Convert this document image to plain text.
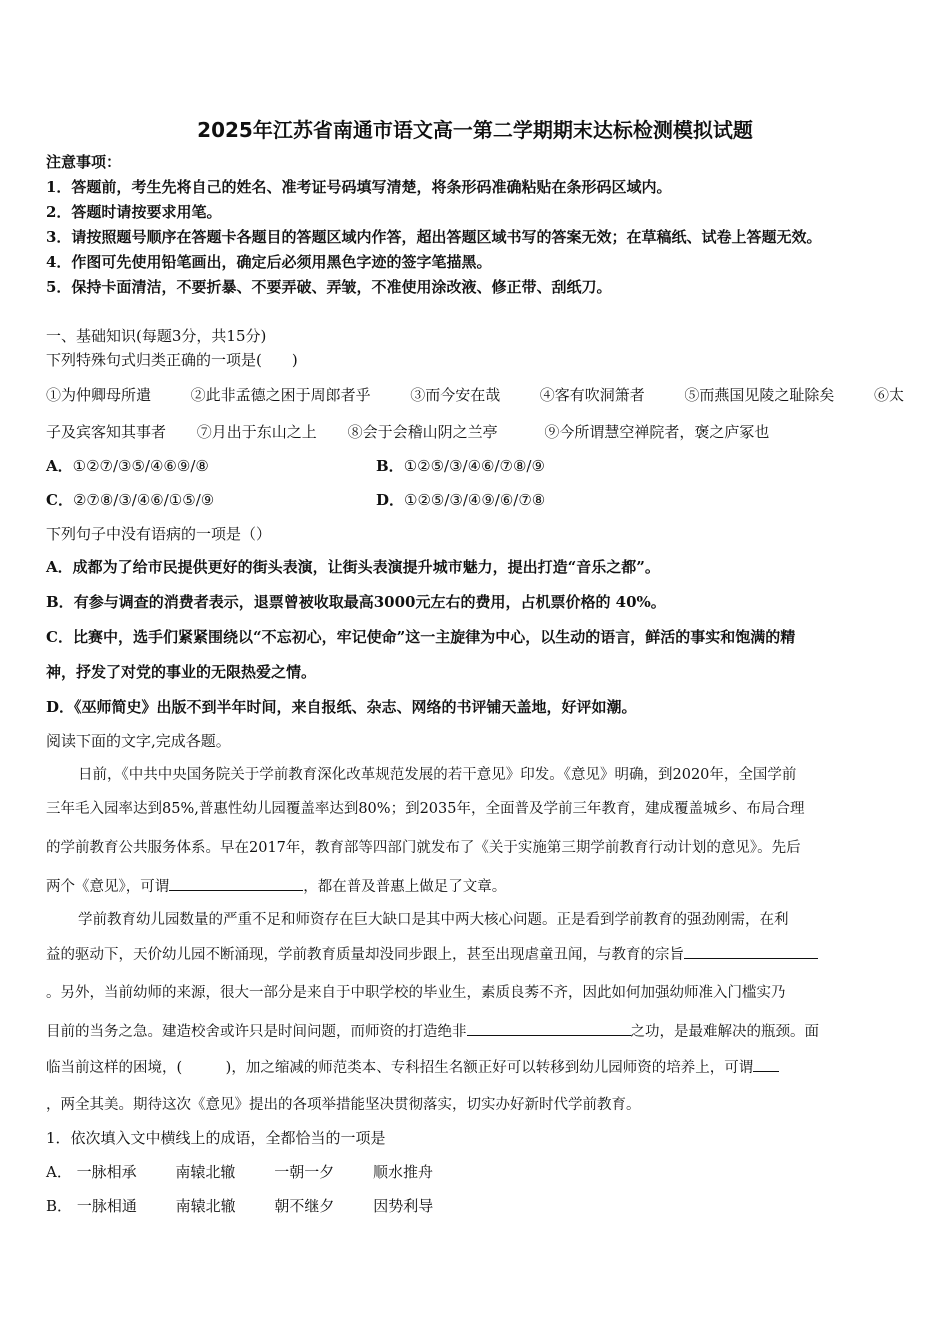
2025年江苏省南通市语文高一第二学期期末达标检测模拟试题
注意事项：
1．答题前，考生先将自己的姓名、准考证号码填写清楚，将条形码准确粘贴在条形码区域内。
2．答题时请按要求用笔。
3．请按照题号顺序在答题卡各题目的答题区域内作答，超出答题区域书写的答案无效；在草稿纸、试卷上答题无效。
4．作图可先使用铅笔画出，确定后必须用黑色字迹的签字笔描黑。
5．保持卡面清洁，不要折暴、不要弄破、弄皱，不准使用涂改液、修正带、刮纸刀。
一、基础知识(每题3分，共15分)
下列特殊句式归类正确的一项是(　　)
①为仲卿母所遣	②此非孟德之困于周郎者乎	③而今安在哉	④客有吹洞箫者	⑤而燕国见陵之耻除矣	⑥太
子及宾客知其事者 ⑦月出于东山之上 ⑧会于会稽山阴之兰亭	⑨今所谓慧空禅院者，褒之庐冢也
A．①②⑦/③⑤/④⑥⑨/⑧	B．①②⑤/③/④⑥/⑦⑧/⑨
C．②⑦⑧/③/④⑥/①⑤/⑨	D．①②⑤/③/④⑨/⑥/⑦⑧
下列句子中没有语病的一项是（）
A．成都为了给市民提供更好的街头表演，让街头表演提升城市魅力，提出打造“音乐之都”。
B．有参与调查的消费者表示，退票曾被收取最高3000元左右的费用，占机票价格的 40%。
C．比赛中，选手们紧紧围绕以“不忘初心，牢记使命”这一主旋律为中心，以生动的语言，鲜活的事实和饱满的精
神，抒发了对党的事业的无限热爱之情。
D．《巫师简史》出版不到半年时间，来自报纸、杂志、网络的书评铺天盖地，好评如潮。
阅读下面的文字,完成各题。
日前，《中共中央国务院关于学前教育深化改革规范发展的若干意见》印发。《意见》明确，到2020年，全国学前
三年毛入园率达到85%,普惠性幼儿园覆盖率达到80%；到2035年，全面普及学前三年教育，建成覆盖城乡、布局合理
的学前教育公共服务体系。早在2017年，教育部等四部门就发布了《关于实施第三期学前教育行动计划的意见》。先后
两个《意见》，可谓	，都在普及普惠上做足了文章。
学前教育幼儿园数量的严重不足和师资存在巨大缺口是其中两大核心问题。正是看到学前教育的强劲刚需，在利
益的驱动下，天价幼儿园不断涌现，学前教育质量却没同步跟上，甚至出现虐童丑闻，与教育的宗旨
。另外，当前幼师的来源，很大一部分是来自于中职学校的毕业生，素质良莠不齐，因此如何加强幼师准入门槛实乃
目前的当务之急。建造校舍或许只是时间问题，而师资的打造绝非	之功，是最难解决的瓶颈。面
临当前这样的困境，(　　　)，加之缩减的师范类本、专科招生名额正好可以转移到幼儿园师资的培养上，可谓
，两全其美。期待这次《意见》提出的各项举措能坚决贯彻落实，切实办好新时代学前教育。
1．依次填入文中横线上的成语，全都恰当的一项是
A． 一脉相承	南辕北辙	一朝一夕	顺水推舟
B． 一脉相通	南辕北辙	朝不继夕	因势利导
